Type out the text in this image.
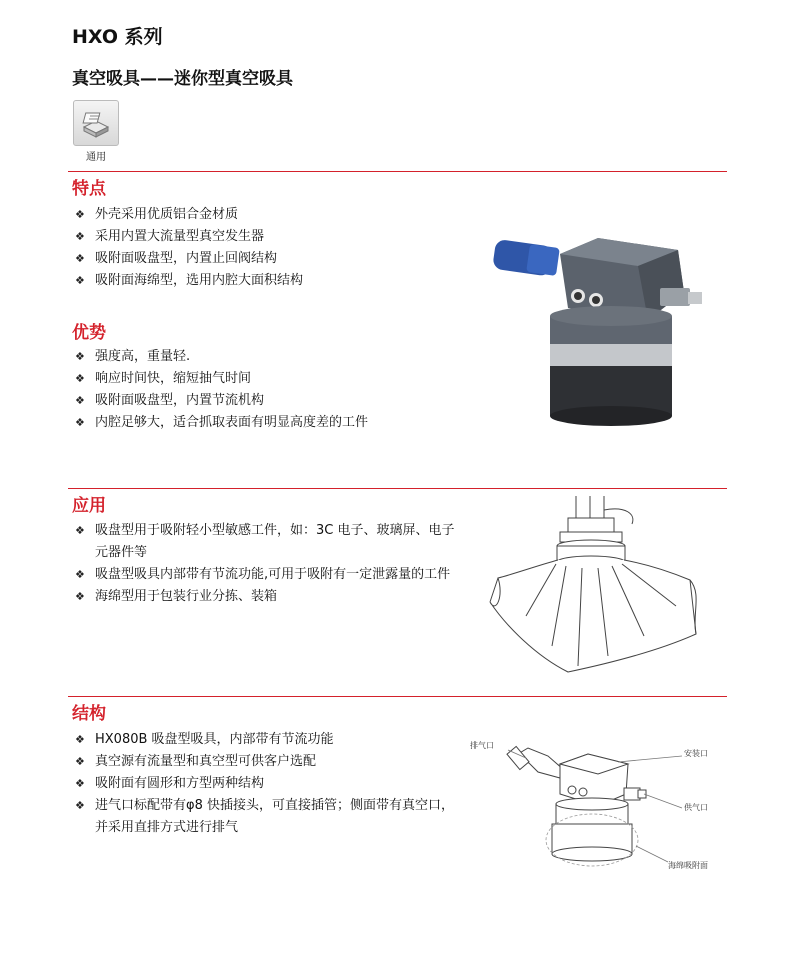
HXO 系列
真空吸具——迷你型真空吸具
通用
特点
❖ 外壳采用优质铝合金材质
❖ 采用内置大流量型真空发生器
❖ 吸附面吸盘型，内置止回阀结构
❖ 吸附面海绵型，选用内腔大面积结构
优势
❖ 强度高，重量轻.
❖ 响应时间快，缩短抽气时间
❖ 吸附面吸盘型，内置节流机构
❖ 内腔足够大，适合抓取表面有明显高度差的工件
应用
❖ 吸盘型用于吸附轻小型敏感工件，如：3C 电子、玻璃屏、电子元器件等
❖ 吸盘型吸具内部带有节流功能,可用于吸附有一定泄露量的工件
❖ 海绵型用于包装行业分拣、装箱
结构
❖ HX080B 吸盘型吸具，内部带有节流功能
❖ 真空源有流量型和真空型可供客户选配
❖ 吸附面有圆形和方型两种结构
❖ 进气口标配带有φ8 快插接头，可直接插管；侧面带有真空口，并采用直排方式进行排气
排气口
安装口
供气口
海绵吸附面
